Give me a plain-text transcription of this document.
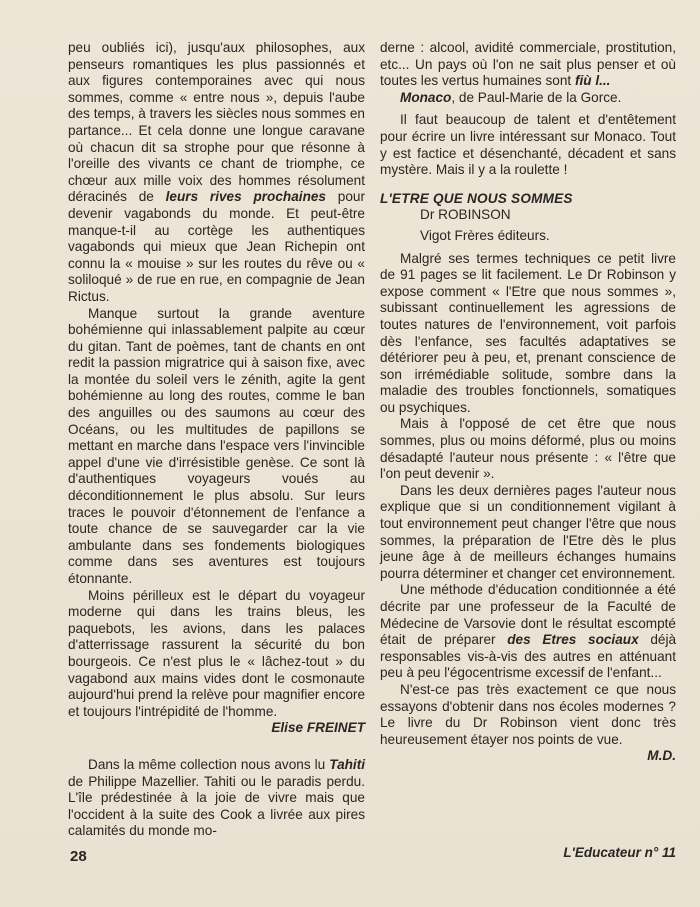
peu oubliés ici), jusqu'aux philosophes, aux penseurs romantiques les plus passionnés et aux figures contemporaines avec qui nous sommes, comme « entre nous », depuis l'aube des temps, à travers les siècles nous sommes en partance... Et cela donne une longue caravane où chacun dit sa strophe pour que résonne à l'oreille des vivants ce chant de triomphe, ce chœur aux mille voix des hommes résolument déracinés de leurs rives prochaines pour devenir vagabonds du monde. Et peut-être manque-t-il au cortège les authentiques vagabonds qui mieux que Jean Richepin ont connu la « mouise » sur les routes du rêve ou « soliloqué » de rue en rue, en compagnie de Jean Rictus.

Manque surtout la grande aventure bohémienne qui inlassablement palpite au cœur du gitan. Tant de poèmes, tant de chants en ont redit la passion migratrice qui à saison fixe, avec la montée du soleil vers le zénith, agite la gent bohémienne au long des routes, comme le ban des anguilles ou des saumons au cœur des Océans, ou les multitudes de papillons se mettant en marche dans l'espace vers l'invincible appel d'une vie d'irrésistible genèse. Ce sont là d'authentiques voyageurs voués au déconditionnement le plus absolu. Sur leurs traces le pouvoir d'étonnement de l'enfance a toute chance de se sauvegarder car la vie ambulante dans ses fondements biologiques comme dans ses aventures est toujours étonnante.

Moins périlleux est le départ du voyageur moderne qui dans les trains bleus, les paquebots, les avions, dans les palaces d'atterrissage rassurent la sécurité du bon bourgeois. Ce n'est plus le « lâchez-tout » du vagabond aux mains vides dont le cosmonaute aujourd'hui prend la relève pour magnifier encore et toujours l'intrépidité de l'homme.

Elise FREINET

Dans la même collection nous avons lu Tahiti de Philippe Mazellier. Tahiti ou le paradis perdu. L'île prédestinée à la joie de vivre mais que l'occident à la suite des Cook a livrée aux pires calamités du monde mo-

derne : alcool, avidité commerciale, prostitution, etc... Un pays où l'on ne sait plus penser et où toutes les vertus humaines sont fiù l...

Monaco, de Paul-Marie de la Gorce.

Il faut beaucoup de talent et d'entêtement pour écrire un livre intéressant sur Monaco. Tout y est factice et désenchanté, décadent et sans mystère. Mais il y a la roulette !

L'ETRE QUE NOUS SOMMES

Dr ROBINSON

Vigot Frères éditeurs.

Malgré ses termes techniques ce petit livre de 91 pages se lit facilement. Le Dr Robinson y expose comment « l'Etre que nous sommes », subissant continuellement les agressions de toutes natures de l'environnement, voit parfois dès l'enfance, ses facultés adaptatives se détériorer peu à peu, et, prenant conscience de son irrémédiable solitude, sombre dans la maladie des troubles fonctionnels, somatiques ou psychiques.

Mais à l'opposé de cet être que nous sommes, plus ou moins déformé, plus ou moins désadapté l'auteur nous présente : « l'être que l'on peut devenir ».

Dans les deux dernières pages l'auteur nous explique que si un conditionnement vigilant à tout environnement peut changer l'être que nous sommes, la préparation de l'Etre dès le plus jeune âge à de meilleurs échanges humains pourra déterminer et changer cet environnement.

Une méthode d'éducation conditionnée a été décrite par une professeur de la Faculté de Médecine de Varsovie dont le résultat escompté était de préparer des Etres sociaux déjà responsables vis-à-vis des autres en atténuant peu à peu l'égocentrisme excessif de l'enfant...

N'est-ce pas très exactement ce que nous essayons d'obtenir dans nos écoles modernes ? Le livre du Dr Robinson vient donc très heureusement étayer nos points de vue.

M.D.

28	L'Educateur n° 11
